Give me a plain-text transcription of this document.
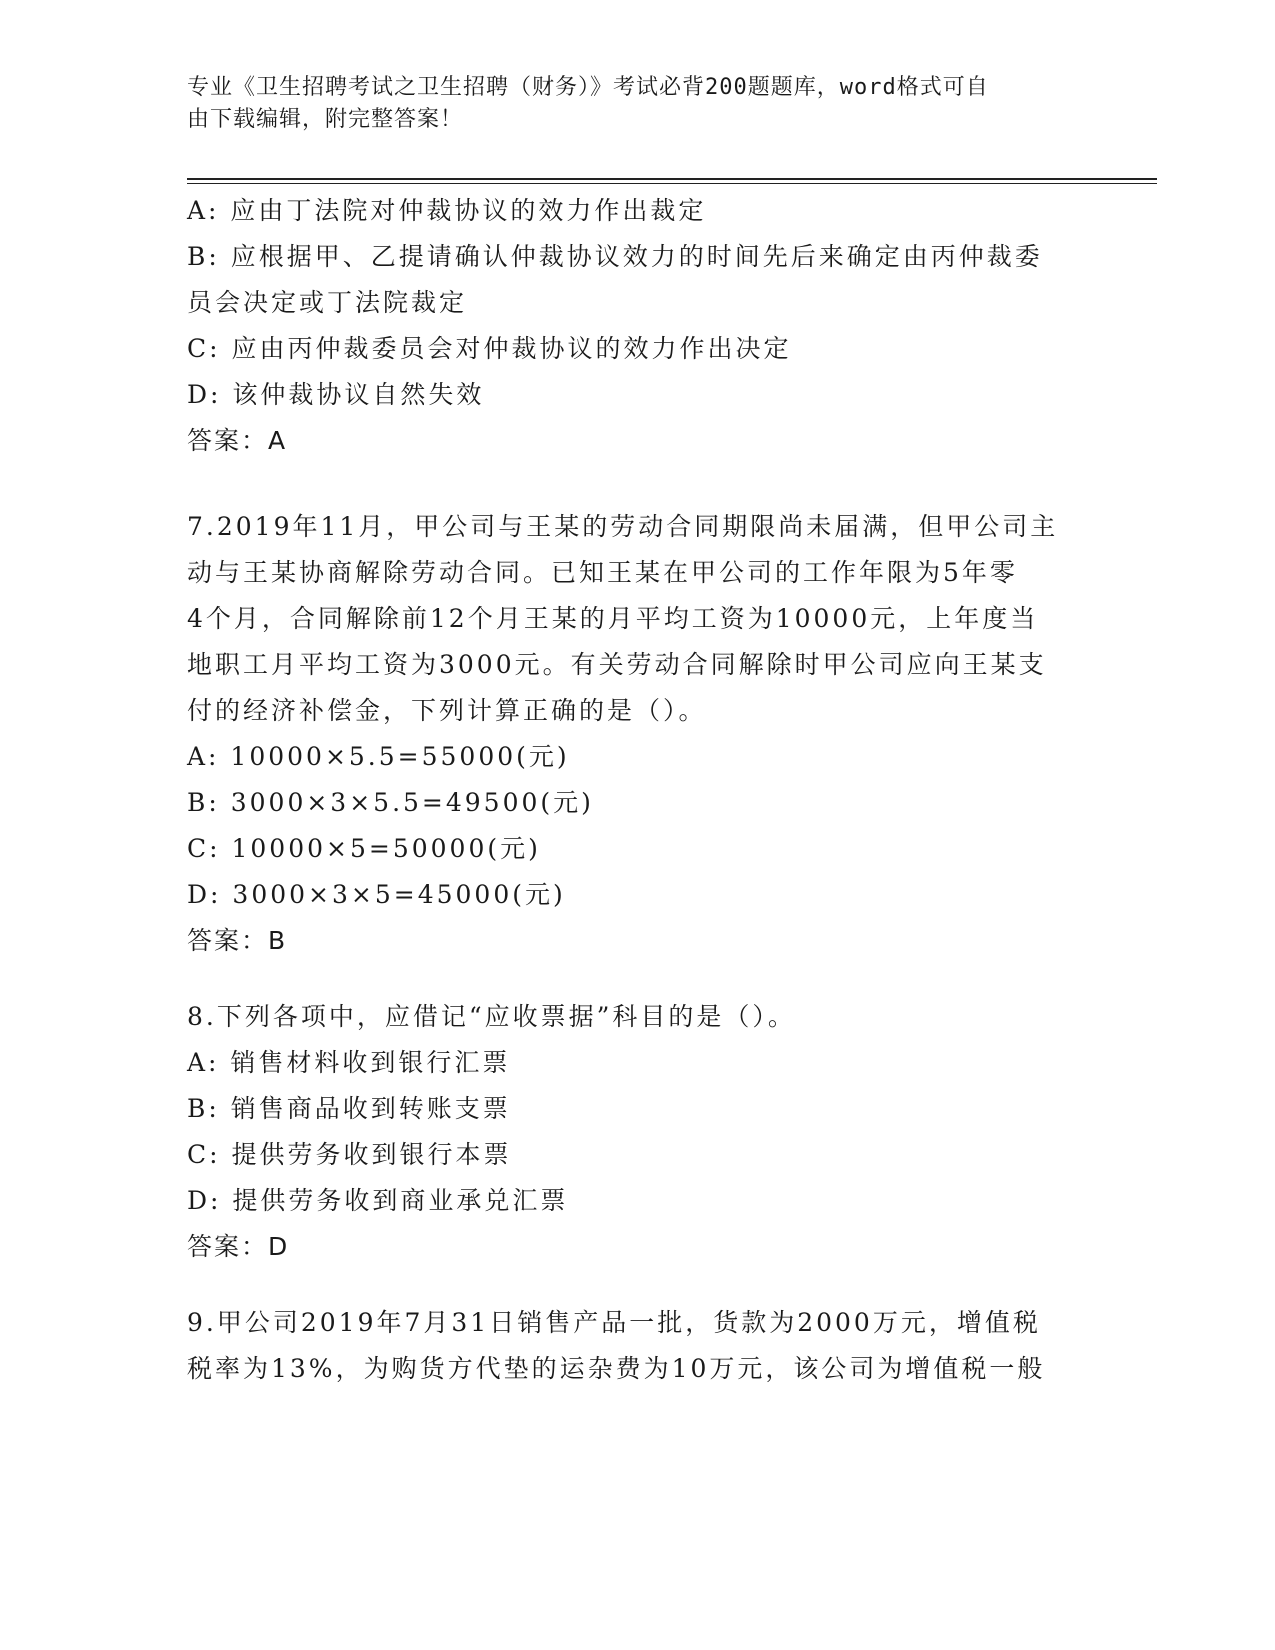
专业《卫生招聘考试之卫生招聘（财务）》考试必背200题题库，word格式可自
由下载编辑，附完整答案！
A: 应由丁法院对仲裁协议的效力作出裁定
B: 应根据甲、乙提请确认仲裁协议效力的时间先后来确定由丙仲裁委
员会决定或丁法院裁定
C: 应由丙仲裁委员会对仲裁协议的效力作出决定
D: 该仲裁协议自然失效
答案：A
7.2019年11月，甲公司与王某的劳动合同期限尚未届满，但甲公司主
动与王某协商解除劳动合同。已知王某在甲公司的工作年限为5年零
4个月，合同解除前12个月王某的月平均工资为10000元，上年度当
地职工月平均工资为3000元。有关劳动合同解除时甲公司应向王某支
付的经济补偿金，下列计算正确的是（）。
A: 10000×5.5=55000(元)
B: 3000×3×5.5=49500(元)
C: 10000×5=50000(元)
D: 3000×3×5=45000(元)
答案：B
8.下列各项中，应借记“应收票据”科目的是（）。
A: 销售材料收到银行汇票
B: 销售商品收到转账支票
C: 提供劳务收到银行本票
D: 提供劳务收到商业承兑汇票
答案：D
9.甲公司2019年7月31日销售产品一批，货款为2000万元，增值税
税率为13%，为购货方代垫的运杂费为10万元，该公司为增值税一般
